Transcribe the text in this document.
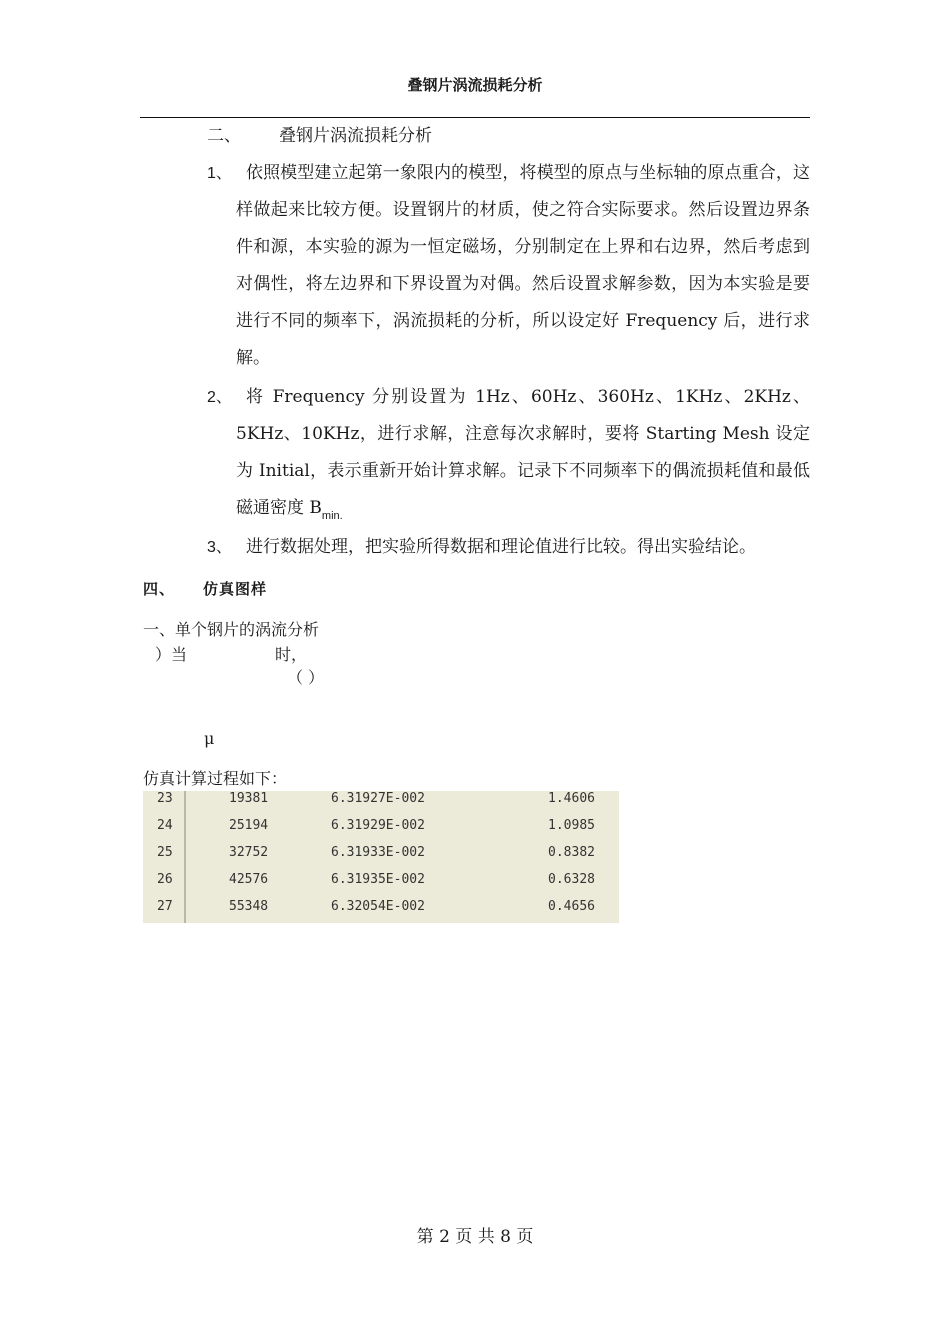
叠钢片涡流损耗分析
二、 叠钢片涡流损耗分析
1、 依照模型建立起第一象限内的模型，将模型的原点与坐标轴的原点重合，这样做起来比较方便。设置钢片的材质，使之符合实际要求。然后设置边界条件和源，本实验的源为一恒定磁场，分别制定在上界和右边界，然后考虑到对偶性，将左边界和下界设置为对偶。然后设置求解参数，因为本实验是要进行不同的频率下，涡流损耗的分析，所以设定好 Frequency 后，进行求解。
2、 将 Frequency 分别设置为 1Hz、60Hz、360Hz、1KHz、2KHz、5KHz、10KHz，进行求解，注意每次求解时，要将 Starting Mesh 设定为 Initial，表示重新开始计算求解。记录下不同频率下的偶流损耗值和最低磁通密度 $B_{min.}$
3、 进行数据处理，把实验所得数据和理论值进行比较。得出实验结论。
四、 仿真图样
一、单个钢片的涡流分析
）当	时，
（ ）
μ
仿真计算过程如下：
23	19381	6.31927E-002	1.4606
24	25194	6.31929E-002	1.0985
25	32752	6.31933E-002	0.8382
26	42576	6.31935E-002	0.6328
27	55348	6.32054E-002	0.4656
第 2 页 共 8 页
